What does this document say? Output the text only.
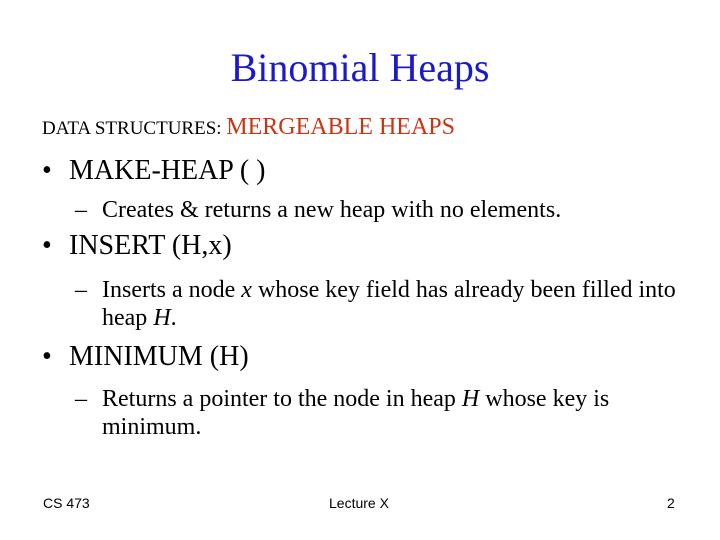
Binomial Heaps
DATA STRUCTURES: MERGEABLE HEAPS
• MAKE-HEAP ( )
– Creates & returns a new heap with no elements.
• INSERT (H,x)
– Inserts a node x whose key field has already been filled into heap H.
• MINIMUM (H)
– Returns a pointer to the node in heap H whose key is minimum.
CS 473	Lecture X	2
